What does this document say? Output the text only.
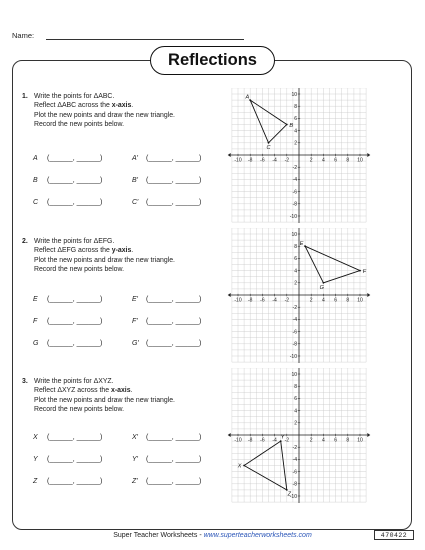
Name:
Reflections
1. Write the points for ΔABC.
Reflect ΔABC across the x-axis.
Plot the new points and draw the new triangle.
Record the new points below.
A (______, ______)	A′ (______, ______)
B (______, ______)	B′ (______, ______)
C (______, ______)	C′ (______, ______)
-10 -8 -6 -4 -2	2 4 6 8 10
10
8
6
4
2
-2
-4
-6
-8
-10
A
B
C
2. Write the points for ΔEFG.
Reflect ΔEFG across the y-axis.
Plot the new points and draw the new triangle.
Record the new points below.
E (______, ______)	E′ (______, ______)
F (______, ______)	F′ (______, ______)
G (______, ______)	G′ (______, ______)
-10 -8 -6 -4 -2	2 4 6 8 10
10
8
6
4
2
-2
-4
-6
-8
-10
E
F
G
3. Write the points for ΔXYZ.
Reflect ΔXYZ across the x-axis.
Plot the new points and draw the new triangle.
Record the new points below.
X (______, ______)	X′ (______, ______)
Y (______, ______)	Y′ (______, ______)
Z (______, ______)	Z′ (______, ______)
-10 -8 -6 -4 -2	2 4 6 8 10
10
8
6
4
2
-2
-4
-6
-8
-10
X
Y
Z
Super Teacher Worksheets - www.superteacherworksheets.com	470422
